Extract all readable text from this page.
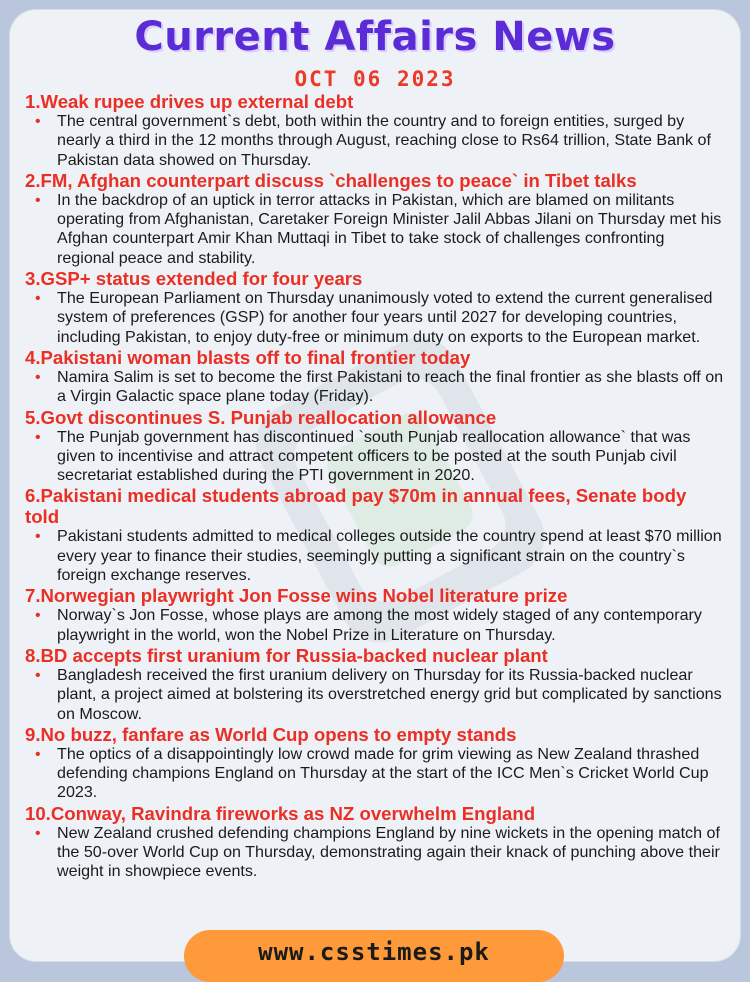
Current Affairs News
OCT 06 2023
1.Weak rupee drives up external debt
• The central government`s debt, both within the country and to foreign entities, surged by nearly a third in the 12 months through August, reaching close to Rs64 trillion, State Bank of Pakistan data showed on Thursday.
2.FM, Afghan counterpart discuss `challenges to peace` in Tibet talks
• In the backdrop of an uptick in terror attacks in Pakistan, which are blamed on militants operating from Afghanistan, Caretaker Foreign Minister Jalil Abbas Jilani on Thursday met his Afghan counterpart Amir Khan Muttaqi in Tibet to take stock of challenges confronting regional peace and stability.
3.GSP+ status extended for four years
• The European Parliament on Thursday unanimously voted to extend the current generalised system of preferences (GSP) for another four years until 2027 for developing countries, including Pakistan, to enjoy duty-free or minimum duty on exports to the European market.
4.Pakistani woman blasts off to final frontier today
• Namira Salim is set to become the first Pakistani to reach the final frontier as she blasts off on a Virgin Galactic space plane today (Friday).
5.Govt discontinues S. Punjab reallocation allowance
• The Punjab government has discontinued `south Punjab reallocation allowance` that was given to incentivise and attract competent officers to be posted at the south Punjab civil secretariat established during the PTI government in 2020.
6.Pakistani medical students abroad pay $70m in annual fees, Senate body told
• Pakistani students admitted to medical colleges outside the country spend at least $70 million every year to finance their studies, seemingly putting a significant strain on the country`s foreign exchange reserves.
7.Norwegian playwright Jon Fosse wins Nobel literature prize
• Norway`s Jon Fosse, whose plays are among the most widely staged of any contemporary playwright in the world, won the Nobel Prize in Literature on Thursday.
8.BD accepts first uranium for Russia-backed nuclear plant
• Bangladesh received the first uranium delivery on Thursday for its Russia-backed nuclear plant, a project aimed at bolstering its overstretched energy grid but complicated by sanctions on Moscow.
9.No buzz, fanfare as World Cup opens to empty stands
• The optics of a disappointingly low crowd made for grim viewing as New Zealand thrashed defending champions England on Thursday at the start of the ICC Men`s Cricket World Cup 2023.
10.Conway, Ravindra fireworks as NZ overwhelm England
• New Zealand crushed defending champions England by nine wickets in the opening match of the 50-over World Cup on Thursday, demonstrating again their knack of punching above their weight in showpiece events.
www.csstimes.pk
